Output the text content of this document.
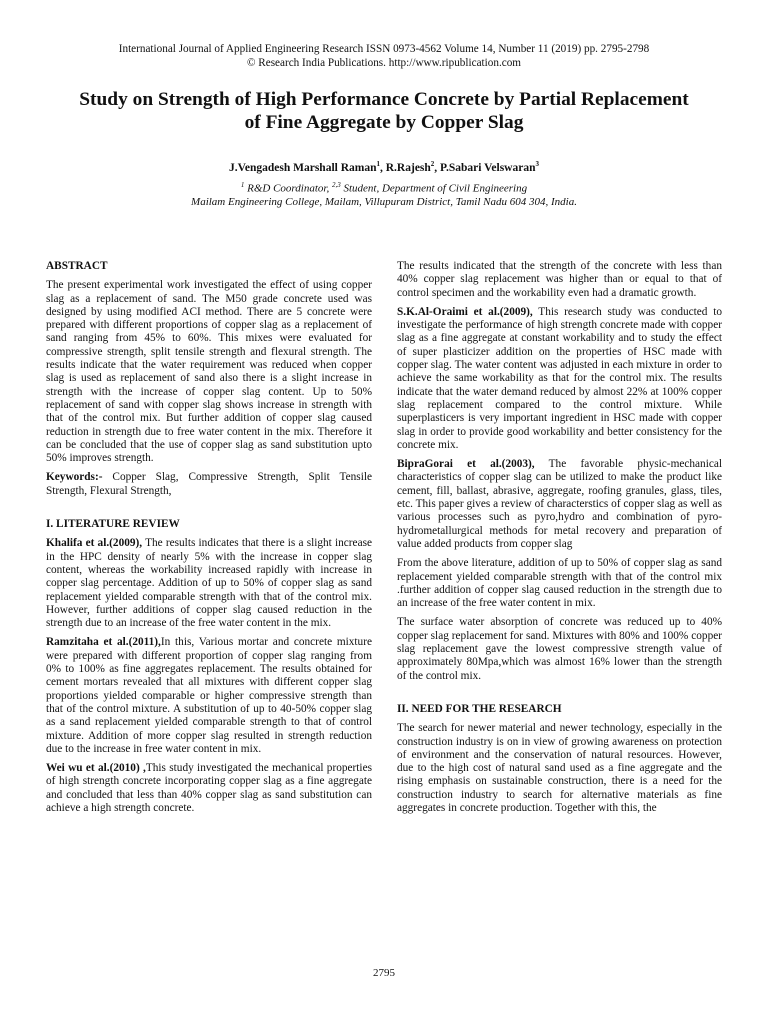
International Journal of Applied Engineering Research ISSN 0973-4562 Volume 14, Number 11 (2019) pp. 2795-2798
© Research India Publications. http://www.ripublication.com
Study on Strength of High Performance Concrete by Partial Replacement
of Fine Aggregate by Copper Slag
J.Vengadesh Marshall Raman$^1$, R.Rajesh$^2$, P.Sabari Velswaran$^3$
$^1$ R&D Coordinator, $^{2,3}$ Student, Department of Civil Engineering
Mailam Engineering College, Mailam, Villupuram District, Tamil Nadu 604 304, India.
ABSTRACT

The present experimental work investigated the effect of using copper slag as a replacement of sand. The M50 grade concrete used was designed by using modified ACI method. There are 5 concrete were prepared with different proportions of copper slag as a replacement of sand ranging from 45% to 60%. This mixes were evaluated for compressive strength, split tensile strength and flexural strength. The results indicate that the water requirement was reduced when copper slag is used as replacement of sand also there is a slight increase in strength with the increase of copper slag content. Up to 50% replacement of sand with copper slag shows increase in strength with that of the control mix. But further addition of copper slag caused reduction in strength due to free water content in the mix. Therefore it can be concluded that the use of copper slag as sand substitution upto 50% improves strength.

Keywords:- Copper Slag, Compressive Strength, Split Tensile Strength, Flexural Strength,

I. LITERATURE REVIEW

Khalifa et al.(2009), The results indicates that there is a slight increase in the HPC density of nearly 5% with the increase in copper slag content, whereas the workability increased rapidly with increase in copper slag percentage. Addition of up to 50% of copper slag as sand replacement yielded comparable strength with that of the control mix. However, further additions of copper slag caused reduction in the strength due to an increase of the free water content in the mix.

Ramzitaha et al.(2011),In this, Various mortar and concrete mixture were prepared with different proportion of copper slag ranging from 0% to 100% as fine aggregates replacement. The results obtained for cement mortars revealed that all mixtures with different copper slag proportions yielded comparable or higher compressive strength than that of the control mixture. A substitution of up to 40-50% copper slag as a sand replacement yielded comparable strength to that of control mixture. Addition of more copper slag resulted in strength reduction due to the increase in free water content in mix.

Wei wu et al.(2010) ,This study investigated the mechanical properties of high strength concrete incorporating copper slag as a fine aggregate and concluded that less than 40% copper slag as sand substitution can achieve a high strength concrete.

The results indicated that the strength of the concrete with less than 40% copper slag replacement was higher than or equal to that of control specimen and the workability even had a dramatic growth.

S.K.Al-Oraimi et al.(2009), This research study was conducted to investigate the performance of high strength concrete made with copper slag as a fine aggregate at constant workability and to study the effect of super plasticizer addition on the properties of HSC made with copper slag. The water content was adjusted in each mixture in order to achieve the same workability as that for the control mix. The results indicate that the water demand reduced by almost 22% at 100% copper slag replacement compared to the control mixture. While superplasticers is very important ingredient in HSC made with copper slag in order to provide good workability and better consistency for the concrete mix.

BipraGorai et al.(2003), The favorable physic-mechanical characteristics of copper slag can be utilized to make the product like cement, fill, ballast, abrasive, aggregate, roofing granules, glass, tiles, etc. This paper gives a review of characterstics of copper slag as well as various processes such as pyro,hydro and combination of pyro-hydrometallurgical methods for metal recovery and preparation of value added products from copper slag

From the above literature, addition of up to 50% of copper slag as sand replacement yielded comparable strength with that of the control mix .further addition of copper slag caused reduction in the strength due to an increase of the free water content in mix.

The surface water absorption of concrete was reduced up to 40% copper slag replacement for sand. Mixtures with 80% and 100% copper slag replacement gave the lowest compressive strength value of approximately 80Mpa,which was almost 16% lower than the strength of the control mix.

II. NEED FOR THE RESEARCH

The search for newer material and newer technology, especially in the construction industry is on in view of growing awareness on protection of environment and the conservation of natural resources. However, due to the high cost of natural sand used as a fine aggregate and the rising emphasis on sustainable construction, there is a need for the construction industry to search for alternative materials as fine aggregates in concrete production. Together with this, the

2795
